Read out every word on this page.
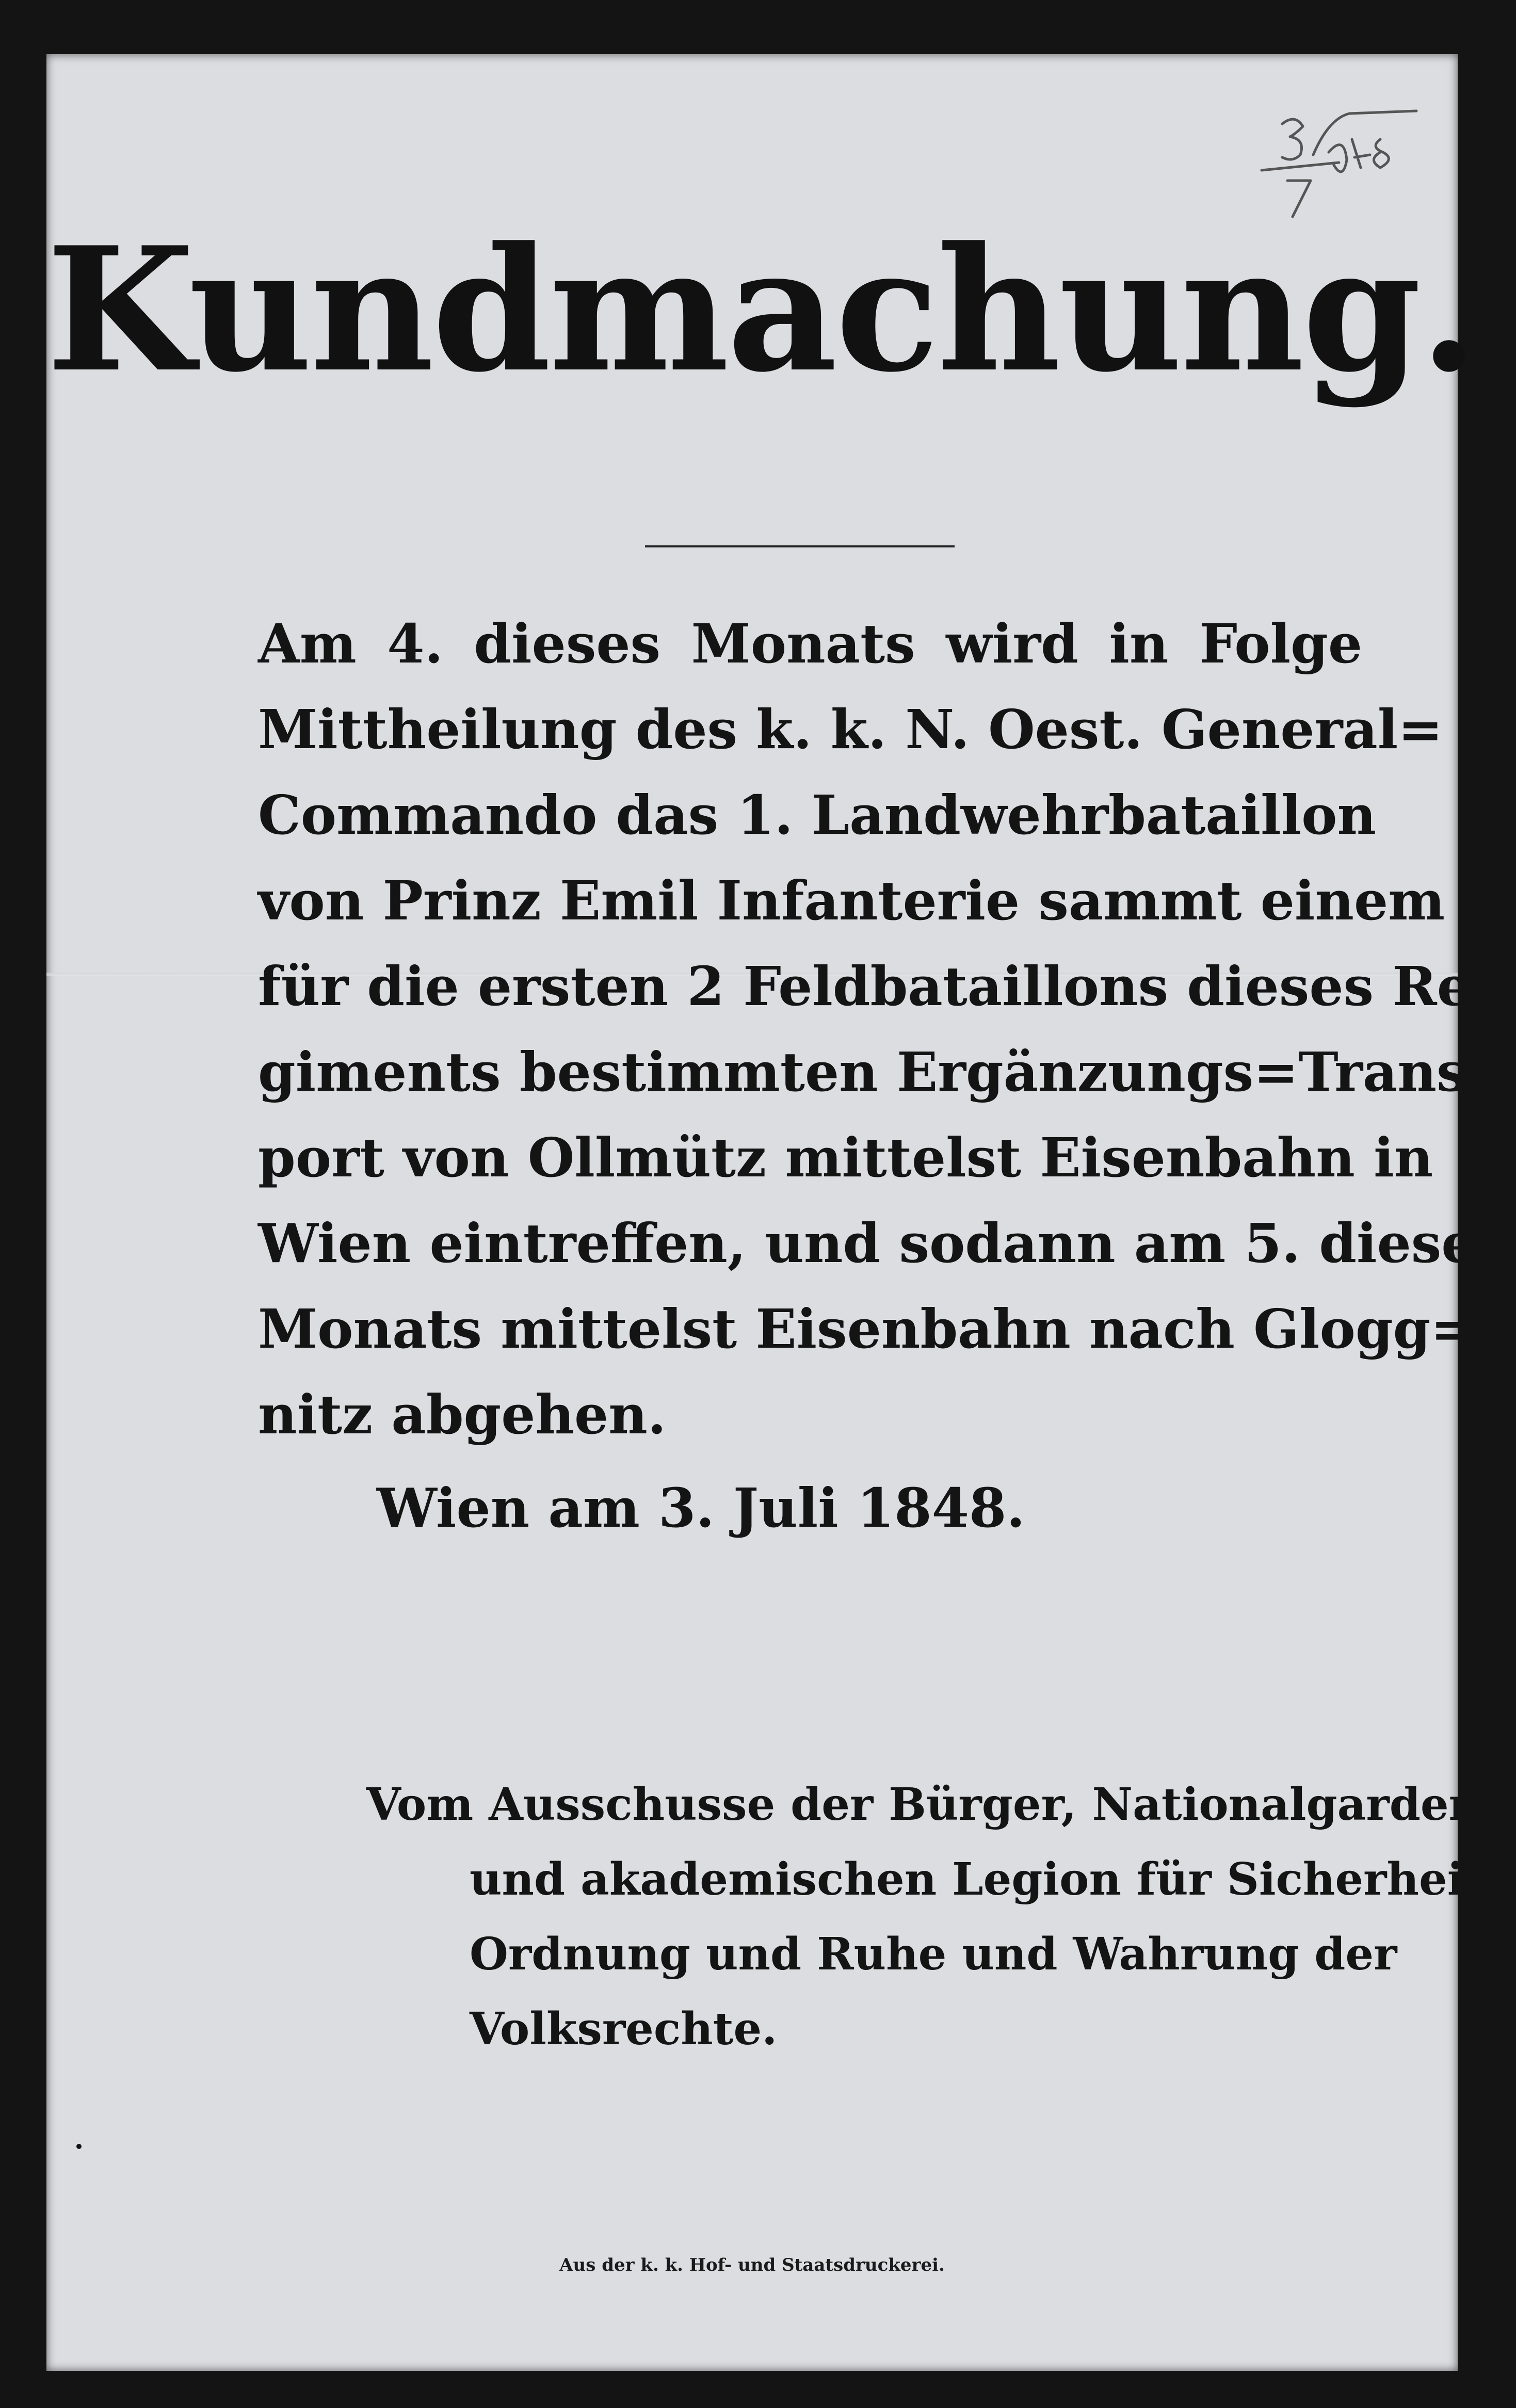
Kundmachung.
Am 4. dieses Monats wird in Folge
Mittheilung des k. k. N. Oest. General=
Commando das 1. Landwehrbataillon
von Prinz Emil Infanterie sammt einem
für die ersten 2 Feldbataillons dieses Re=
giments bestimmten Ergänzungs=Trans=
port von Ollmütz mittelst Eisenbahn in
Wien eintreffen, und sodann am 5. dieses
Monats mittelst Eisenbahn nach Glogg=
nitz abgehen.
Wien am 3. Juli 1848.
Vom Ausschusse der Bürger, Nationalgarden
und akademischen Legion für Sicherheit,
Ordnung und Ruhe und Wahrung der
Volksrechte.
Aus der k. k. Hof- und Staatsdruckerei.
